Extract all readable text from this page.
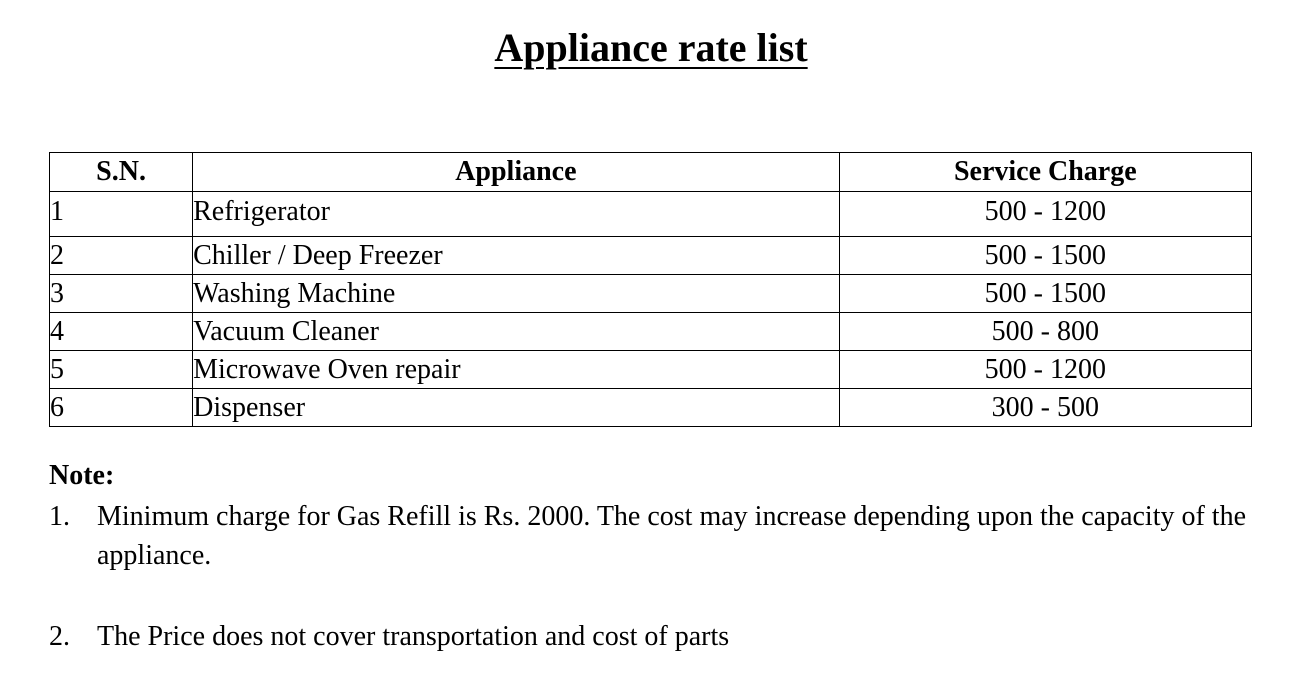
Appliance rate list
S.N.	Appliance	Service Charge
1	Refrigerator	500 - 1200
2	Chiller / Deep Freezer	500 - 1500
3	Washing Machine	500 - 1500
4	Vacuum Cleaner	500 - 800
5	Microwave Oven repair	500 - 1200
6	Dispenser	300 - 500

Note:

1. Minimum charge for Gas Refill is Rs. 2000. The cost may increase depending upon the capacity of the appliance.
2. The Price does not cover transportation and cost of parts
